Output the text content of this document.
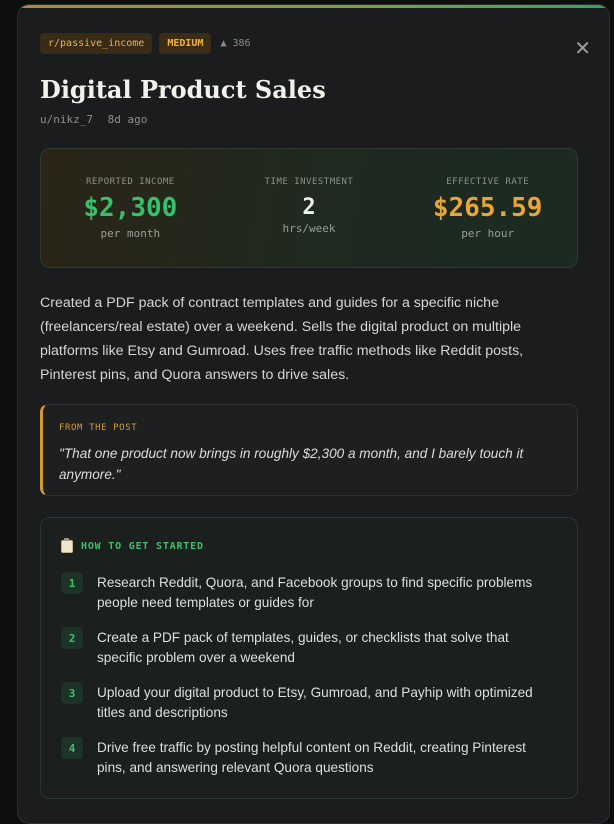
r/passive_income	MEDIUM	▲ 386	✕
Digital Product Sales
u/nikz_7 8d ago
REPORTED INCOME
$2,300
per month
TIME INVESTMENT
2
hrs/week
EFFECTIVE RATE
$265.59
per hour

Created a PDF pack of contract templates and guides for a specific niche (freelancers/real estate) over a weekend. Sells the digital product on multiple platforms like Etsy and Gumroad. Uses free traffic methods like Reddit posts, Pinterest pins, and Quora answers to drive sales.

FROM THE POST
"That one product now brings in roughly $2,300 a month, and I barely touch it anymore."
HOW TO GET STARTED
1	Research Reddit, Quora, and Facebook groups to find specific problems people need templates or guides for
2	Create a PDF pack of templates, guides, or checklists that solve that specific problem over a weekend
3	Upload your digital product to Etsy, Gumroad, and Payhip with optimized titles and descriptions
4	Drive free traffic by posting helpful content on Reddit, creating Pinterest pins, and answering relevant Quora questions
